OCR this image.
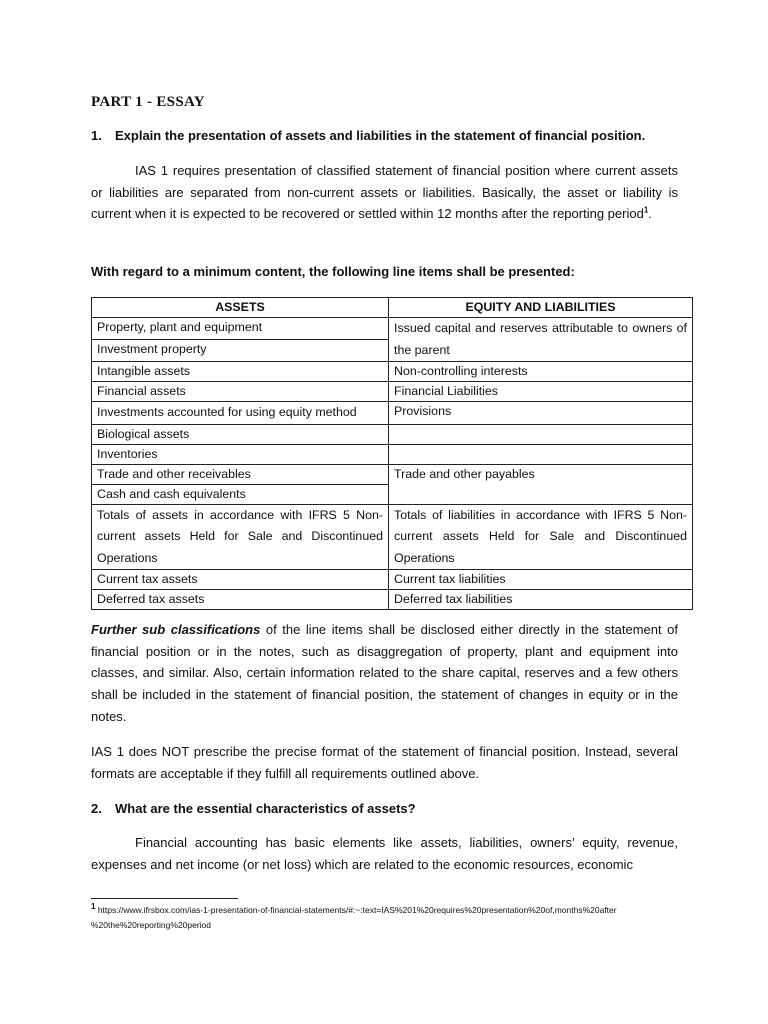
PART 1 - ESSAY

1. Explain the presentation of assets and liabilities in the statement of financial position.

IAS 1 requires presentation of classified statement of financial position where current assets or liabilities are separated from non-current assets or liabilities. Basically, the asset or liability is current when it is expected to be recovered or settled within 12 months after the reporting period$^1$.

With regard to a minimum content, the following line items shall be presented:

ASSETS	EQUITY AND LIABILITIES
Property, plant and equipment	Issued capital and reserves attributable to owners of the parent
Investment property	
Intangible assets	Non-controlling interests
Financial assets	Financial Liabilities
Investments accounted for using equity method	Provisions
Biological assets	
Inventories	
Trade and other receivables	Trade and other payables
Cash and cash equivalents	
Totals of assets in accordance with IFRS 5 Non-current assets Held for Sale and Discontinued Operations	Totals of liabilities in accordance with IFRS 5 Non-current assets Held for Sale and Discontinued Operations
Current tax assets	Current tax liabilities
Deferred tax assets	Deferred tax liabilities

Further sub classifications of the line items shall be disclosed either directly in the statement of financial position or in the notes, such as disaggregation of property, plant and equipment into classes, and similar. Also, certain information related to the share capital, reserves and a few others shall be included in the statement of financial position, the statement of changes in equity or in the notes.

IAS 1 does NOT prescribe the precise format of the statement of financial position. Instead, several formats are acceptable if they fulfill all requirements outlined above.

2. What are the essential characteristics of assets?

Financial accounting has basic elements like assets, liabilities, owners’ equity, revenue, expenses and net income (or net loss) which are related to the economic resources, economic

$^1$ https://www.ifrsbox.com/ias-1-presentation-of-financial-statements/#:~:text=IAS%201%20requires%20presentation%20of,months%20after %20the%20reporting%20period
